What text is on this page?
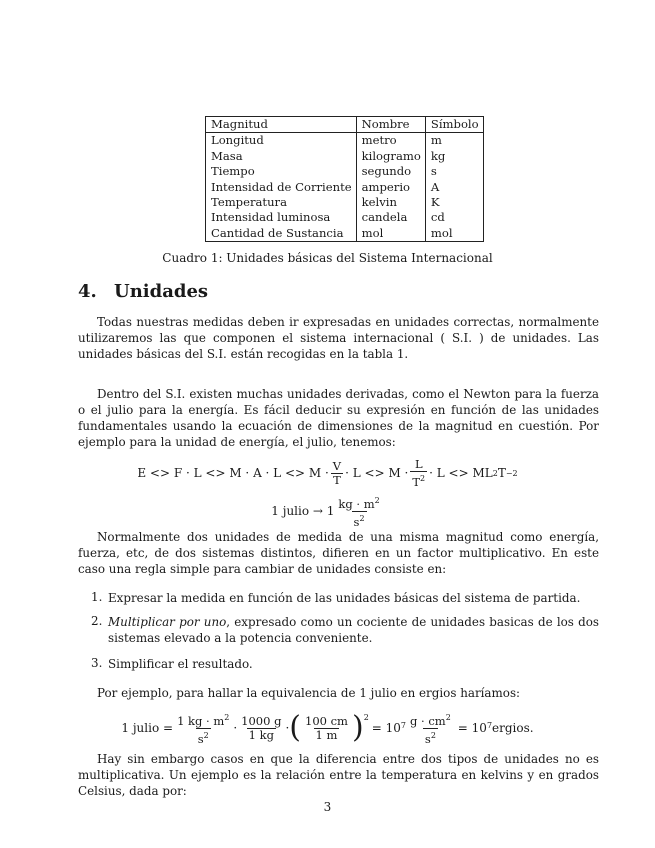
Magnitud	Nombre	Símbolo
Longitud	metro	m
Masa	kilogramo	kg
Tiempo	segundo	s
Intensidad de Corriente	amperio	A
Temperatura	kelvin	K
Intensidad luminosa	candela	cd
Cantidad de Sustancia	mol	mol
Cuadro 1: Unidades básicas del Sistema Internacional
4. Unidades
Todas nuestras medidas deben ir expresadas en unidades correctas, normalmente utilizaremos las que componen el sistema internacional ( S.I. ) de unidades. Las unidades básicas del S.I. están recogidas en la tabla 1.
Dentro del S.I. existen muchas unidades derivadas, como el Newton para la fuerza o el julio para la energía. Es fácil deducir su expresión en función de las unidades fundamentales usando la ecuación de dimensiones de la magnitud en cuestión. Por ejemplo para la unidad de energía, el julio, tenemos:
$E <> F \cdot L <> M \cdot A \cdot L <> M \cdot \frac{V}{T} \cdot L <> M \cdot \frac{L}{T^2} \cdot L$ <> ML 2 T −2
1 julio → $1 \frac{kg \cdot m^2}{s^2}$
Normalmente dos unidades de medida de una misma magnitud como energía, fuerza, etc, de dos sistemas distintos, difieren en un factor multiplicativo. En este caso una regla simple para cambiar de unidades consiste en:
1. Expresar la medida en función de las unidades básicas del sistema de partida.
2. Multiplicar por uno, expresado como un cociente de unidades basicas de los dos sistemas elevado a la potencia conveniente.
3. Simplificar el resultado.
Por ejemplo, para hallar la equivalencia de 1 julio en ergios haríamos:
1 julio = $\frac{1 kg \cdot m^2}{s^2} \cdot \frac{1000 g}{1 kg}$ · ( $\frac{100 cm}{1 m} )^2$
= $10^7 \frac{g \cdot cm^2}{s^2} = 10^7$ ergios.
Hay sin embargo casos en que la diferencia entre dos tipos de unidades no es multiplicativa. Un ejemplo es la relación entre la temperatura en kelvins y en grados Celsius, dada por:
3
